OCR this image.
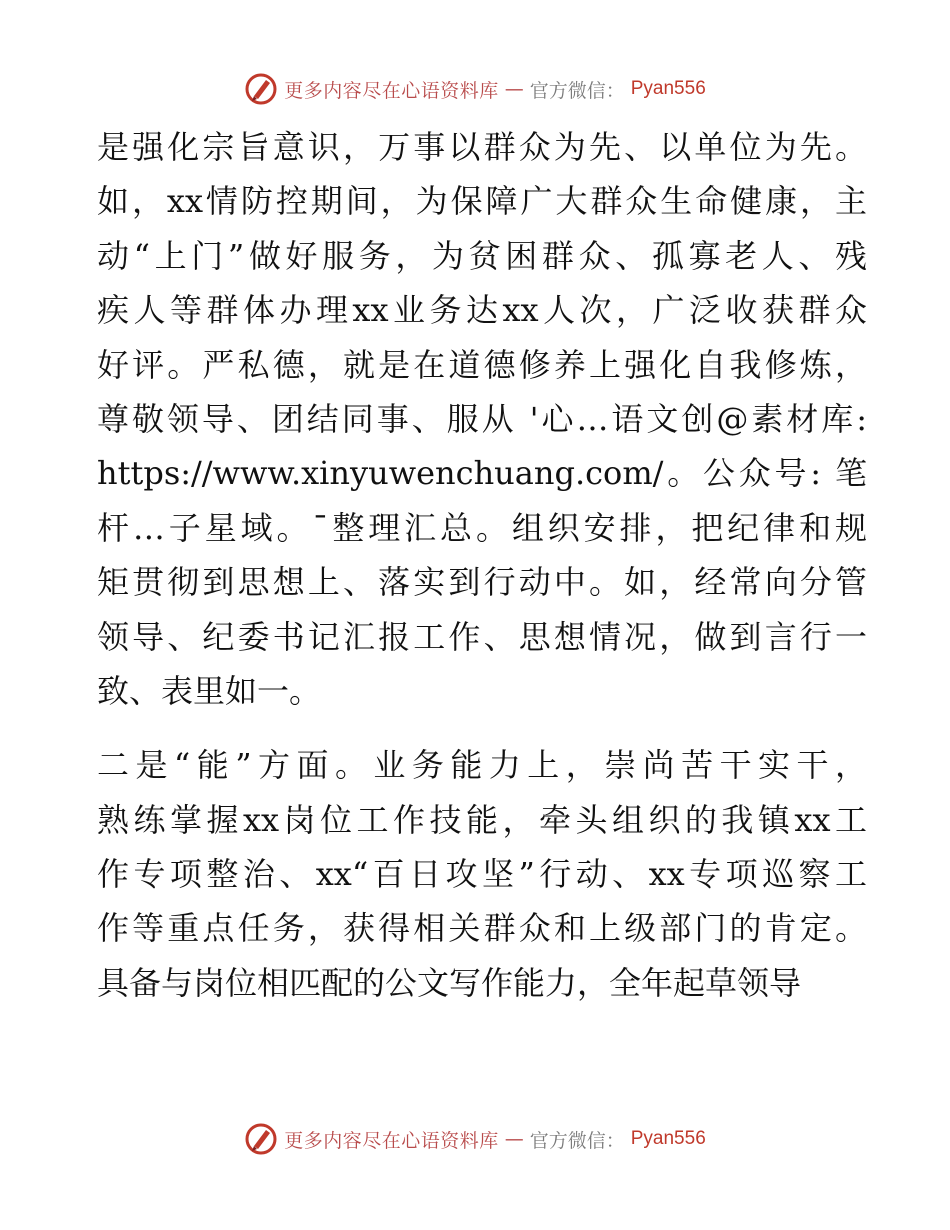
更多内容尽在心语资料库 — 官方微信： Pyan556
是强化宗旨意识，万事以群众为先、以单位为先。
如，xx情防控期间，为保障广大群众生命健康，主
动“上门”做好服务，为贫困群众、孤寡老人、残
疾人等群体办理xx业务达xx人次，广泛收获群众
好评。严私德，就是在道德修养上强化自我修炼，
尊敬领导、团结同事、服从 '心…语文创@素材库:
https://www.xinyuwenchuang.com/。公众号: 笔
杆…子星域。¯整理汇总。组织安排，把纪律和规
矩贯彻到思想上、落实到行动中。如，经常向分管
领导、纪委书记汇报工作、思想情况，做到言行一
致、表里如一。
二是“能”方面。业务能力上，崇尚苦干实干，
熟练掌握xx岗位工作技能，牵头组织的我镇xx工
作专项整治、xx“百日攻坚”行动、xx专项巡察工
作等重点任务，获得相关群众和上级部门的肯定。
具备与岗位相匹配的公文写作能力，全年起草领导
更多内容尽在心语资料库 — 官方微信： Pyan556
